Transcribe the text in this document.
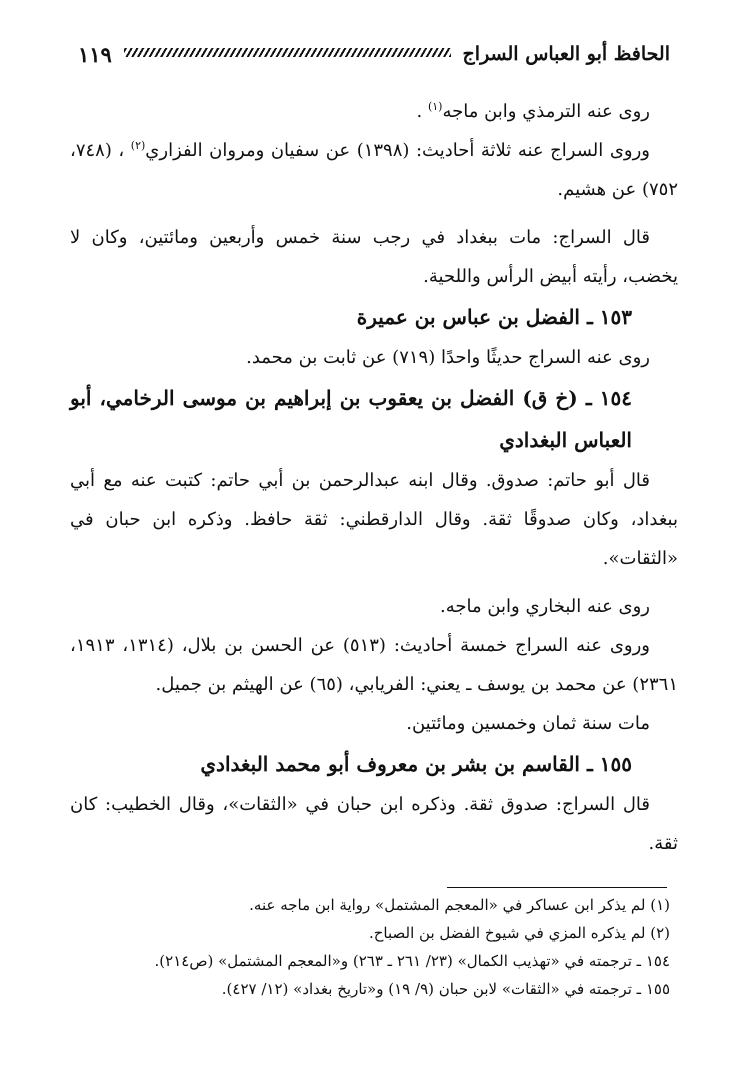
الحافظ أبو العباس السراج
١١٩

روى عنه الترمذي وابن ماجه$^{(١)}$ .

وروى السراج عنه ثلاثة أحاديث: (١٣٩٨) عن سفيان ومروان الفزاري$^{(٢)}$ ، (٧٤٨، ٧٥٢) عن هشيم.

قال السراج: مات ببغداد في رجب سنة خمس وأربعين ومائتين، وكان لا يخضب، رأيته أبيض الرأس واللحية.

١٥٣ ـ الفضل بن عباس بن عميرة

روى عنه السراج حديثًا واحدًا (٧١٩) عن ثابت بن محمد.

١٥٤ ـ (خ ق) الفضل بن يعقوب بن إبراهيم بن موسى الرخامي، أبو العباس البغدادي

قال أبو حاتم: صدوق. وقال ابنه عبدالرحمن بن أبي حاتم: كتبت عنه مع أبي ببغداد، وكان صدوقًا ثقة. وقال الدارقطني: ثقة حافظ. وذكره ابن حبان في «الثقات».

روى عنه البخاري وابن ماجه.

وروى عنه السراج خمسة أحاديث: (٥١٣) عن الحسن بن بلال، (١٣١٤، ١٩١٣، ٢٣٦١) عن محمد بن يوسف ـ يعني: الفريابي، (٦٥) عن الهيثم بن جميل.

مات سنة ثمان وخمسين ومائتين.

١٥٥ ـ القاسم بن بشر بن معروف أبو محمد البغدادي

قال السراج: صدوق ثقة. وذكره ابن حبان في «الثقات»، وقال الخطيب: كان ثقة.

(١) لم يذكر ابن عساكر في «المعجم المشتمل» رواية ابن ماجه عنه.

(٢) لم يذكره المزي في شيوخ الفضل بن الصباح.

١٥٤ ـ ترجمته في «تهذيب الكمال» (٢٣/ ٢٦١ ـ ٢٦٣) و«المعجم المشتمل» (ص٢١٤).

١٥٥ ـ ترجمته في «الثقات» لابن حبان (٩/ ١٩) و«تاريخ بغداد» (١٢/ ٤٢٧).
